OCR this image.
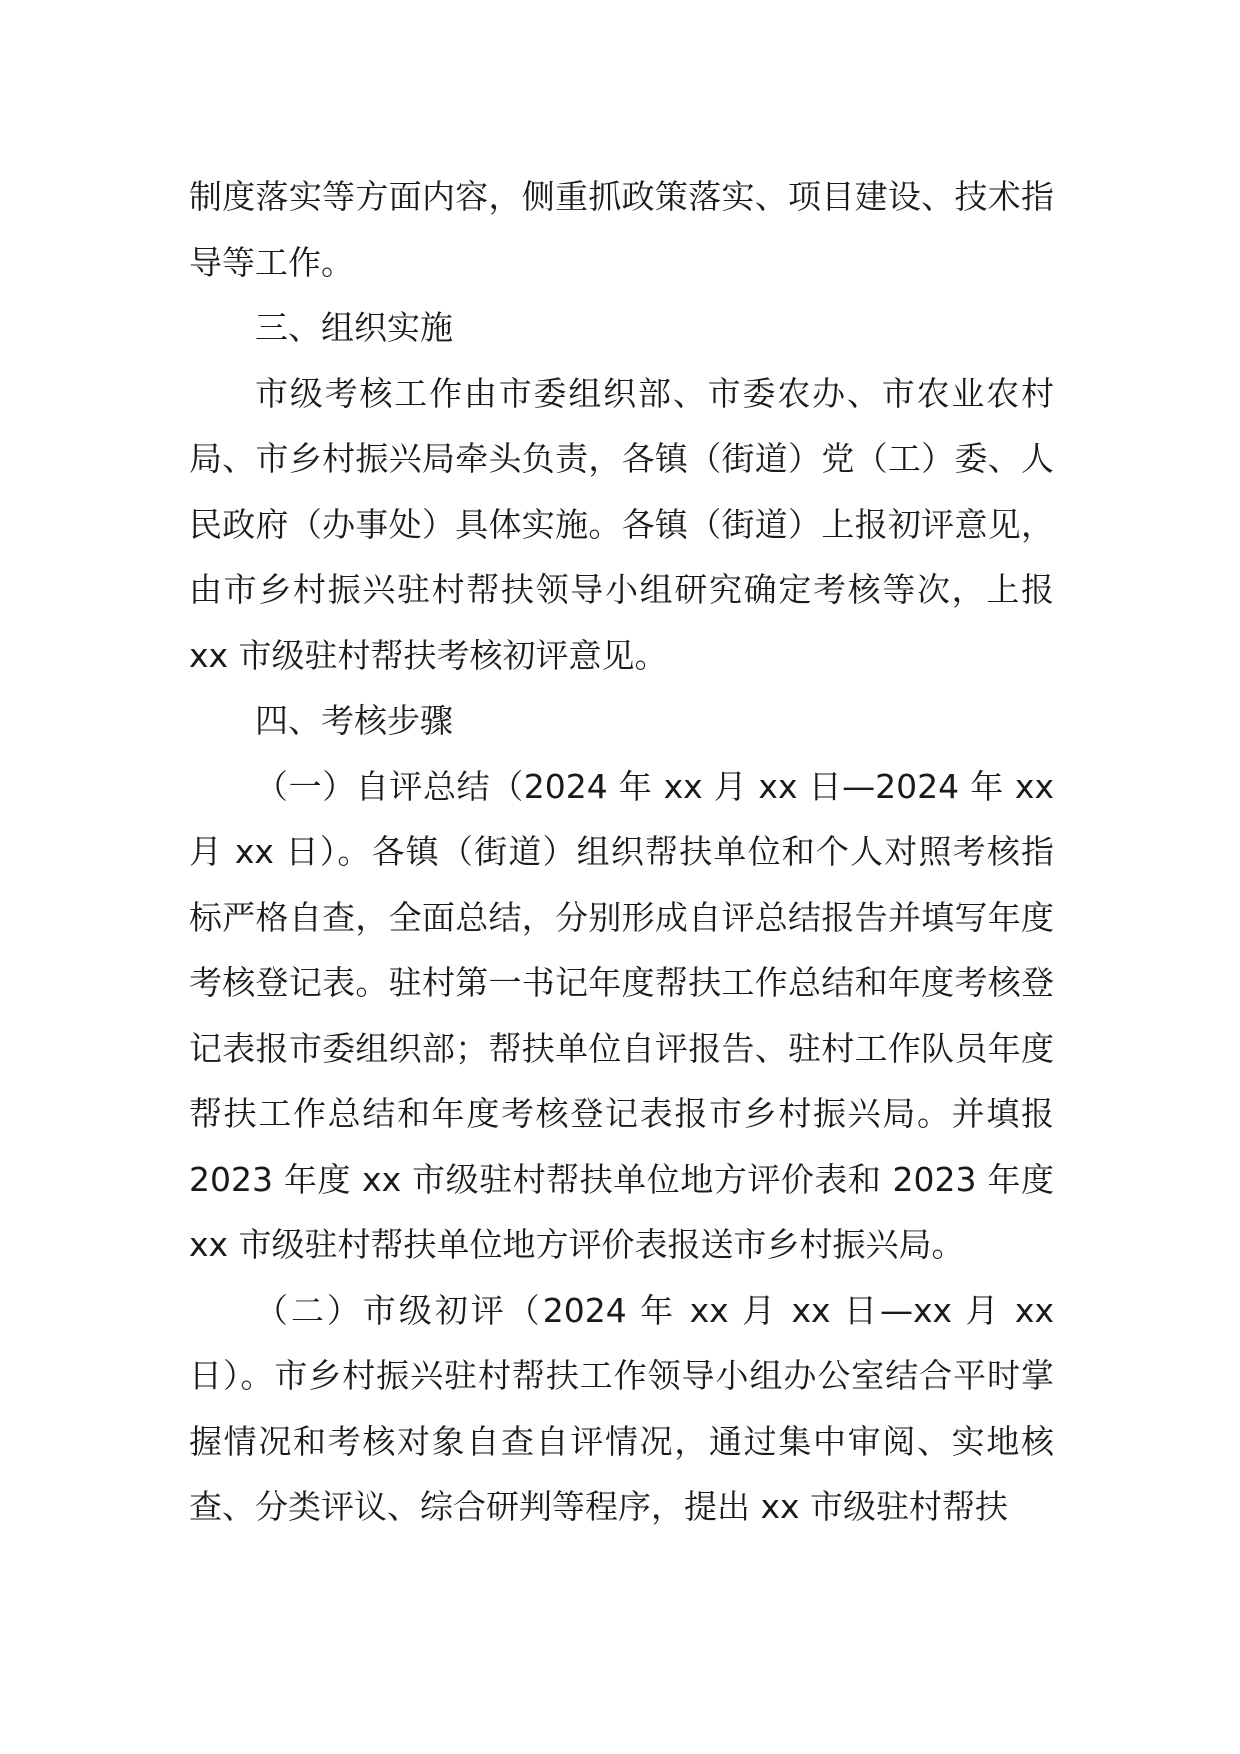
制度落实等方面内容，侧重抓政策落实、项目建设、技术指导等工作。

三、组织实施

市级考核工作由市委组织部、市委农办、市农业农村局、市乡村振兴局牵头负责，各镇（街道）党（工）委、人民政府（办事处）具体实施。各镇（街道）上报初评意见，由市乡村振兴驻村帮扶领导小组研究确定考核等次，上报 xx 市级驻村帮扶考核初评意见。

四、考核步骤

（一）自评总结（2024 年 xx 月 xx 日—2024 年 xx 月 xx 日）。各镇（街道）组织帮扶单位和个人对照考核指标严格自查，全面总结，分别形成自评总结报告并填写年度考核登记表。驻村第一书记年度帮扶工作总结和年度考核登记表报市委组织部；帮扶单位自评报告、驻村工作队员年度帮扶工作总结和年度考核登记表报市乡村振兴局。并填报 2023 年度 xx 市级驻村帮扶单位地方评价表和 2023 年度 xx 市级驻村帮扶单位地方评价表报送市乡村振兴局。

（二）市级初评（2024 年 xx 月 xx 日—xx 月 xx 日）。市乡村振兴驻村帮扶工作领导小组办公室结合平时掌握情况和考核对象自查自评情况，通过集中审阅、实地核查、分类评议、综合研判等程序，提出 xx 市级驻村帮扶
